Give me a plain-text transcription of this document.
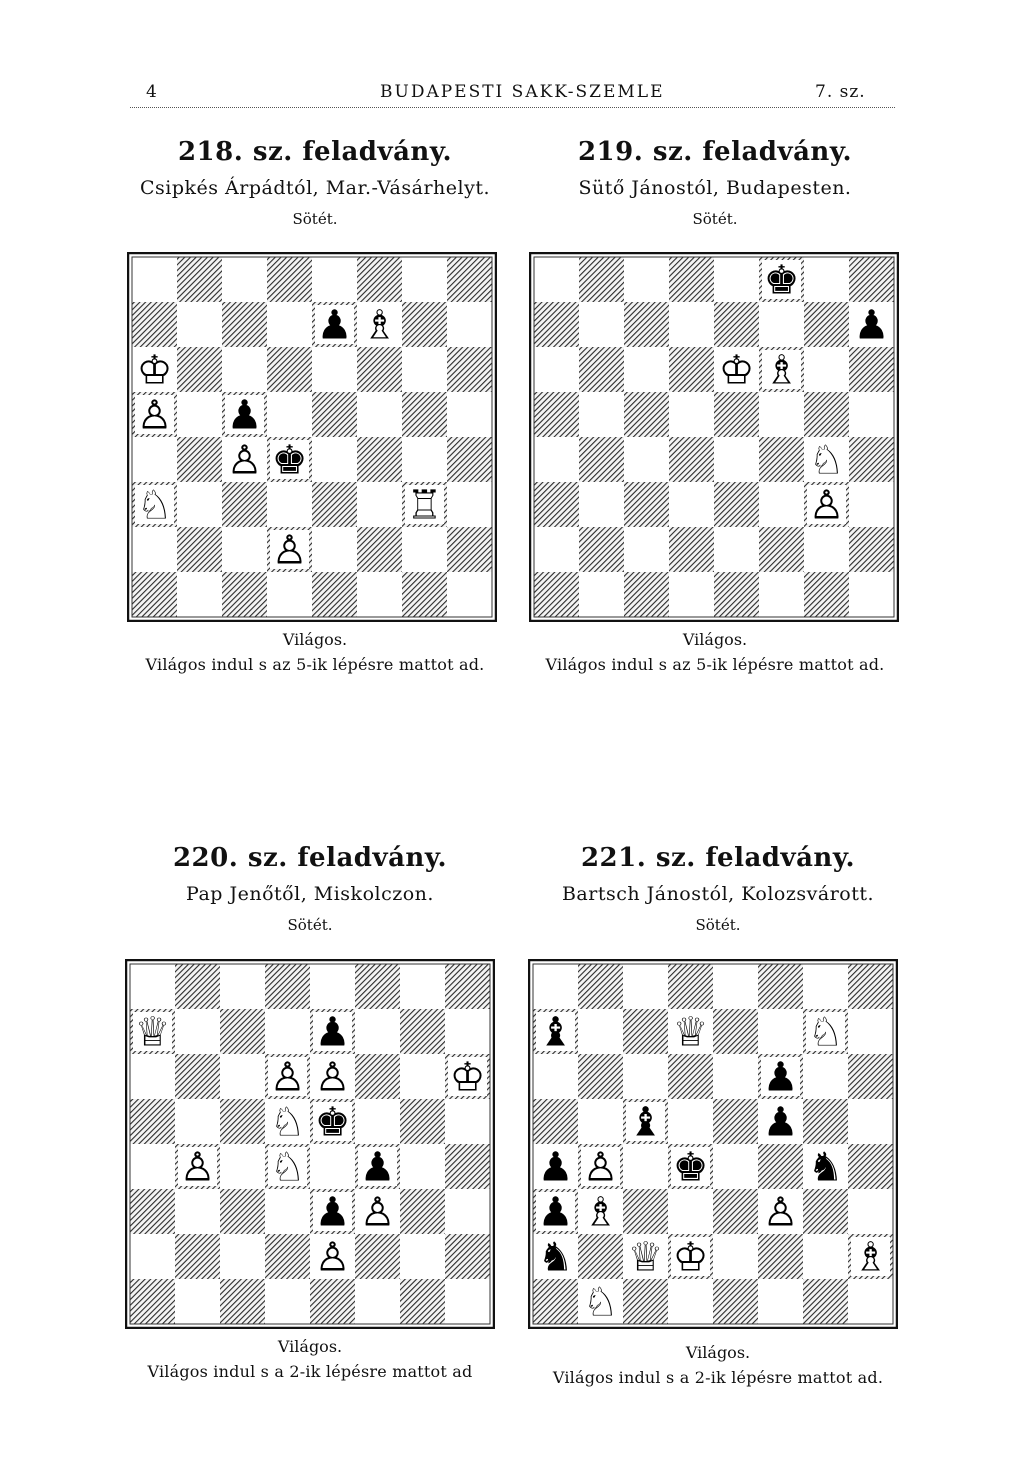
4	BUDAPESTI SAKK-SZEMLE	7. sz.
218. sz. feladvány.
Csipkés Árpádtól, Mar.-Vásárhelyt.
Sötét.
♟ ♗
♔
♙ ♟
♙ ♚
♘	♖
♙
Világos.
Világos indul s az 5-ik lépésre mattot ad.
219. sz. feladvány.
Sütő Jánostól, Budapesten.
Sötét.
♚
♟
♔ ♗
♘
♙
Világos.
Világos indul s az 5-ik lépésre mattot ad.
220. sz. feladvány.
Pap Jenőtől, Miskolczon.
Sötét.
♕	♟
♙ ♙ ♔
♘ ♚
♙ ♘ ♟
♟ ♙
♙
Világos.
Világos indul s a 2-ik lépésre mattot ad
221. sz. feladvány.
Bartsch Jánostól, Kolozsvárott.
Sötét.
♝ ♕ ♘
♟
♝ ♟
♟ ♙ ♚ ♞
♟ ♗	♙
♞ ♕ ♔	♗
♘
Világos.
Világos indul s a 2-ik lépésre mattot ad.
